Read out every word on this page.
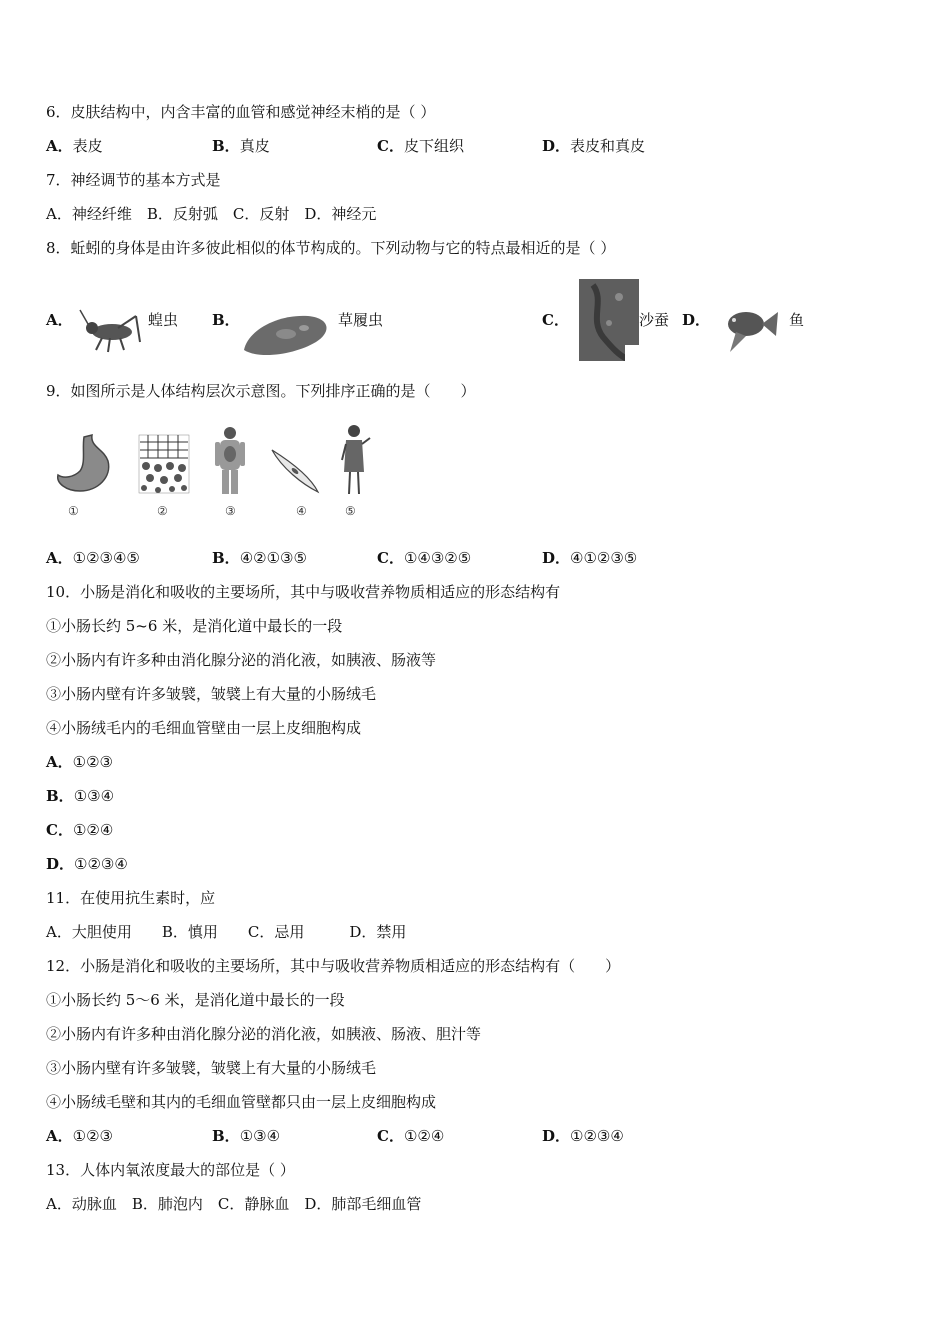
6．皮肤结构中，内含丰富的血管和感觉神经末梢的是（ ）
A．表皮	B．真皮	C．皮下组织	D．表皮和真皮
7．神经调节的基本方式是
A．神经纤维　B．反射弧　C．反射　D．神经元
8．蚯蚓的身体是由许多彼此相似的体节构成的。下列动物与它的特点最相近的是（ ）
A．	蝗虫 B．	草履虫	C．	沙蚕 D．	鱼
9．如图所示是人体结构层次示意图。下列排序正确的是（　　）
①	②	③	④	⑤
A．①②③④⑤	B．④②①③⑤	C．①④③②⑤	D．④①②③⑤
10．小肠是消化和吸收的主要场所，其中与吸收营养物质相适应的形态结构有
①小肠长约 5~6 米，是消化道中最长的一段
②小肠内有许多种由消化腺分泌的消化液，如胰液、肠液等
③小肠内壁有许多皱襞，皱襞上有大量的小肠绒毛
④小肠绒毛内的毛细血管壁由一层上皮细胞构成
A．①②③
B．①③④
C．①②④
D．①②③④
11．在使用抗生素时，应
A．大胆使用　　B．慎用　　C．忌用　　　D．禁用
12．小肠是消化和吸收的主要场所，其中与吸收营养物质相适应的形态结构有（　　）
①小肠长约 5～6 米，是消化道中最长的一段
②小肠内有许多种由消化腺分泌的消化液，如胰液、肠液、胆汁等
③小肠内壁有许多皱襞，皱襞上有大量的小肠绒毛
④小肠绒毛壁和其内的毛细血管壁都只由一层上皮细胞构成
A．①②③	B．①③④	C．①②④	D．①②③④
13．人体内氧浓度最大的部位是（ ）
A．动脉血　B．肺泡内　C．静脉血　D．肺部毛细血管
